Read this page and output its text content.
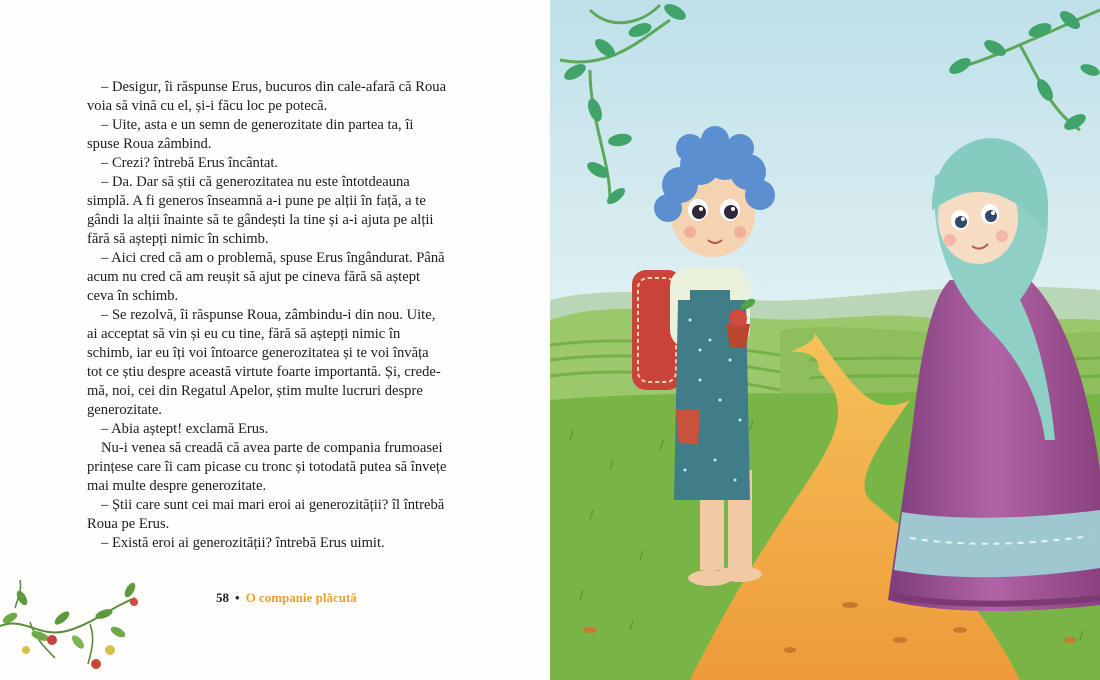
– Desigur, îi răspunse Erus, bucuros din cale-afară că Roua voia să vină cu el, și-i făcu loc pe potecă.

– Uite, asta e un semn de generozitate din partea ta, îi spuse Roua zâmbind.

– Crezi? întrebă Erus încântat.

– Da. Dar să știi că generozitatea nu este întotdeauna simplă. A fi generos înseamnă a-i pune pe alții în față, a te gândi la alții înainte să te gândești la tine și a-i ajuta pe alții fără să aștepți nimic în schimb.

– Aici cred că am o problemă, spuse Erus îngândurat. Până acum nu cred că am reușit să ajut pe cineva fără să aștept ceva în schimb.

– Se rezolvă, îi răspunse Roua, zâmbindu-i din nou. Uite, ai acceptat să vin și eu cu tine, fără să aștepți nimic în schimb, iar eu îți voi întoarce generozitatea și te voi învăța tot ce știu despre această virtute foarte importantă. Și, crede-mă, noi, cei din Regatul Apelor, știm multe lucruri despre generozitate.

– Abia aștept! exclamă Erus.

Nu-i venea să creadă că avea parte de compania frumoasei prințese care îi cam picase cu tronc și totodată putea să învețe mai multe despre generozitate.

– Știi care sunt cei mai mari eroi ai generozității? îl întrebă Roua pe Erus.

– Există eroi ai generozității? întrebă Erus uimit.

58 • O companie plăcută
